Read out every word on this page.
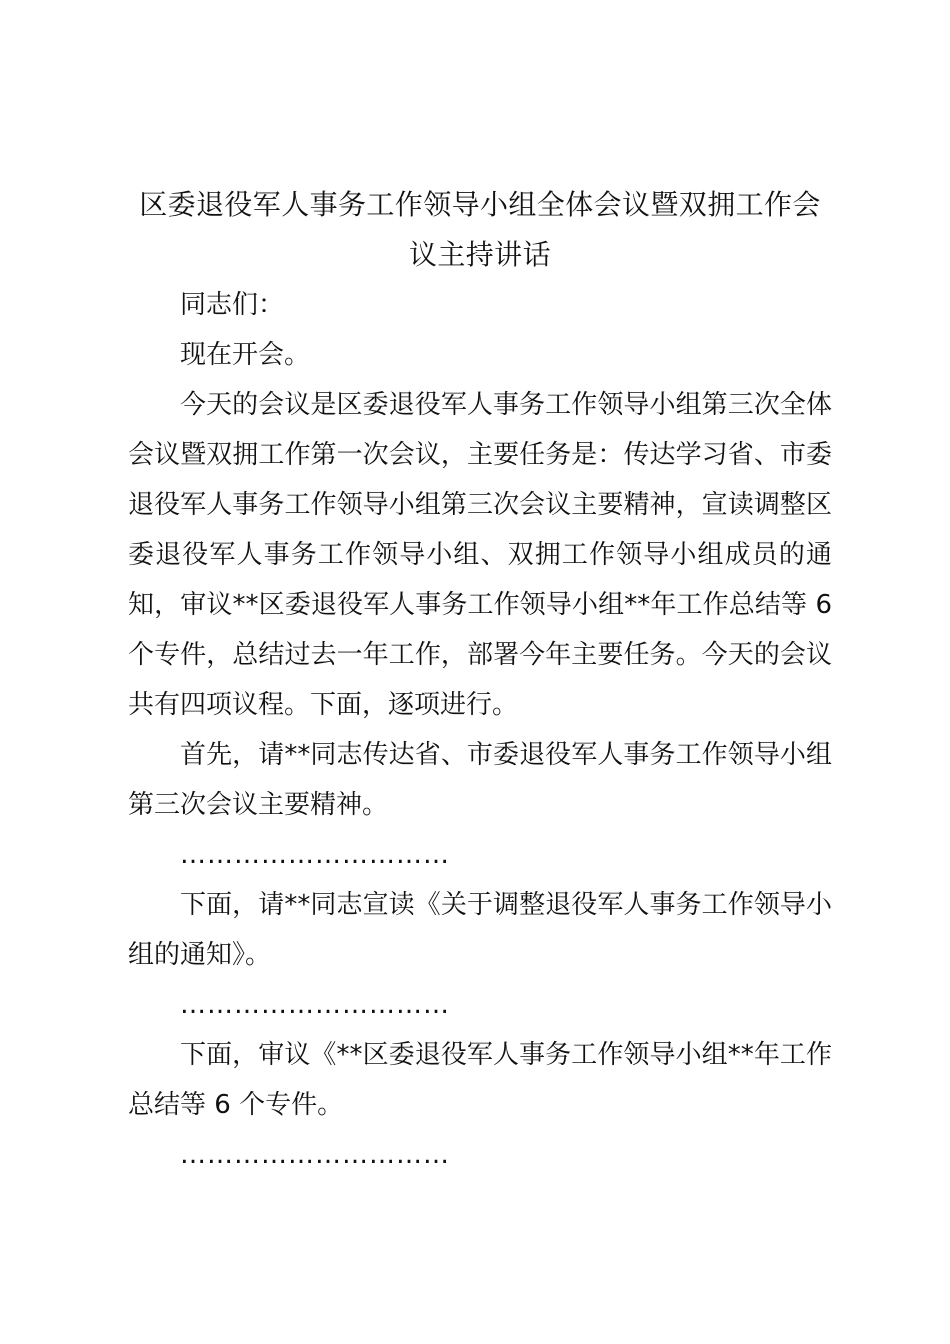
区委退役军人事务工作领导小组全体会议暨双拥工作会
议主持讲话

同志们：

现在开会。

今天的会议是区委退役军人事务工作领导小组第三次全体会议暨双拥工作第一次会议，主要任务是：传达学习省、市委退役军人事务工作领导小组第三次会议主要精神，宣读调整区委退役军人事务工作领导小组、双拥工作领导小组成员的通知，审议**区委退役军人事务工作领导小组**年工作总结等 6 个专件，总结过去一年工作，部署今年主要任务。今天的会议共有四项议程。下面，逐项进行。

首先，请**同志传达省、市委退役军人事务工作领导小组第三次会议主要精神。

…………………………

下面，请**同志宣读《关于调整退役军人事务工作领导小组的通知》。

…………………………

下面，审议《**区委退役军人事务工作领导小组**年工作总结等 6 个专件。

…………………………
